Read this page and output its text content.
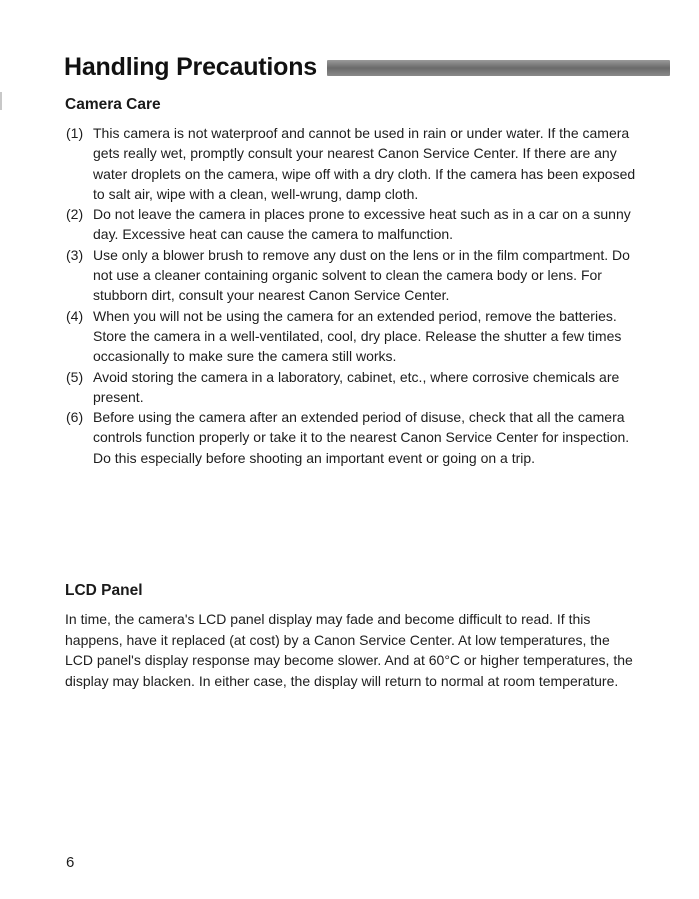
Handling Precautions
Camera Care
(1) This camera is not waterproof and cannot be used in rain or under water. If the camera gets really wet, promptly consult your nearest Canon Service Center. If there are any water droplets on the camera, wipe off with a dry cloth. If the camera has been exposed to salt air, wipe with a clean, well-wrung, damp cloth.
(2) Do not leave the camera in places prone to excessive heat such as in a car on a sunny day. Excessive heat can cause the camera to malfunction.
(3) Use only a blower brush to remove any dust on the lens or in the film compartment. Do not use a cleaner containing organic solvent to clean the camera body or lens. For stubborn dirt, consult your nearest Canon Service Center.
(4) When you will not be using the camera for an extended period, remove the batteries. Store the camera in a well-ventilated, cool, dry place. Release the shutter a few times occasionally to make sure the camera still works.
(5) Avoid storing the camera in a laboratory, cabinet, etc., where corrosive chemicals are present.
(6) Before using the camera after an extended period of disuse, check that all the camera controls function properly or take it to the nearest Canon Service Center for inspection. Do this especially before shooting an important event or going on a trip.
LCD Panel

In time, the camera's LCD panel display may fade and become difficult to read. If this happens, have it replaced (at cost) by a Canon Service Center. At low temperatures, the LCD panel's display response may become slower. And at 60°C or higher temperatures, the display may blacken. In either case, the display will return to normal at room temperature.

6
